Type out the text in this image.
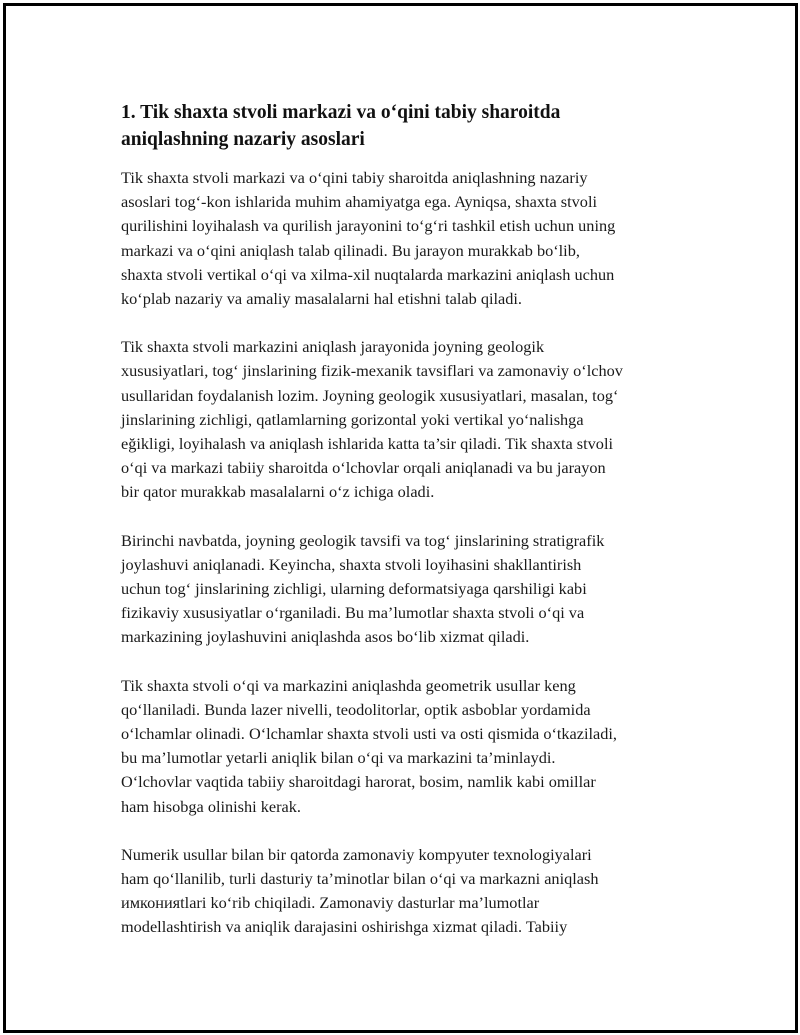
1. Tik shaxta stvoli markazi va o‘qini tabiy sharoitda
aniqlashning nazariy asoslari

Tik shaxta stvoli markazi va o‘qini tabiy sharoitda aniqlashning nazariy
asoslari tog‘-kon ishlarida muhim ahamiyatga ega. Ayniqsa, shaxta stvoli
qurilishini loyihalash va qurilish jarayonini to‘g‘ri tashkil etish uchun uning
markazi va o‘qini aniqlash talab qilinadi. Bu jarayon murakkab bo‘lib,
shaxta stvoli vertikal o‘qi va xilma-xil nuqtalarda markazini aniqlash uchun
ko‘plab nazariy va amaliy masalalarni hal etishni talab qiladi.

Tik shaxta stvoli markazini aniqlash jarayonida joyning geologik
xususiyatlari, tog‘ jinslarining fizik-mexanik tavsiflari va zamonaviy o‘lchov
usullaridan foydalanish lozim. Joyning geologik xususiyatlari, masalan, tog‘
jinslarining zichligi, qatlamlarning gorizontal yoki vertikal yo‘nalishga
eğikligi, loyihalash va aniqlash ishlarida katta ta’sir qiladi. Tik shaxta stvoli
o‘qi va markazi tabiiy sharoitda o‘lchovlar orqali aniqlanadi va bu jarayon
bir qator murakkab masalalarni o‘z ichiga oladi.

Birinchi navbatda, joyning geologik tavsifi va tog‘ jinslarining stratigrafik
joylashuvi aniqlanadi. Keyincha, shaxta stvoli loyihasini shakllantirish
uchun tog‘ jinslarining zichligi, ularning deformatsiyaga qarshiligi kabi
fizikaviy xususiyatlar o‘rganiladi. Bu ma’lumotlar shaxta stvoli o‘qi va
markazining joylashuvini aniqlashda asos bo‘lib xizmat qiladi.

Tik shaxta stvoli o‘qi va markazini aniqlashda geometrik usullar keng
qo‘llaniladi. Bunda lazer nivelli, teodolitorlar, optik asboblar yordamida
o‘lchamlar olinadi. O‘lchamlar shaxta stvoli usti va osti qismida o‘tkaziladi,
bu ma’lumotlar yetarli aniqlik bilan o‘qi va markazini ta’minlaydi.
O‘lchovlar vaqtida tabiiy sharoitdagi harorat, bosim, namlik kabi omillar
ham hisobga olinishi kerak.

Numerik usullar bilan bir qatorda zamonaviy kompyuter texnologiyalari
ham qo‘llanilib, turli dasturiy ta’minotlar bilan o‘qi va markazni aniqlash
имконияtlari ko‘rib chiqiladi. Zamonaviy dasturlar ma’lumotlar
modellashtirish va aniqlik darajasini oshirishga xizmat qiladi. Tabiiy
